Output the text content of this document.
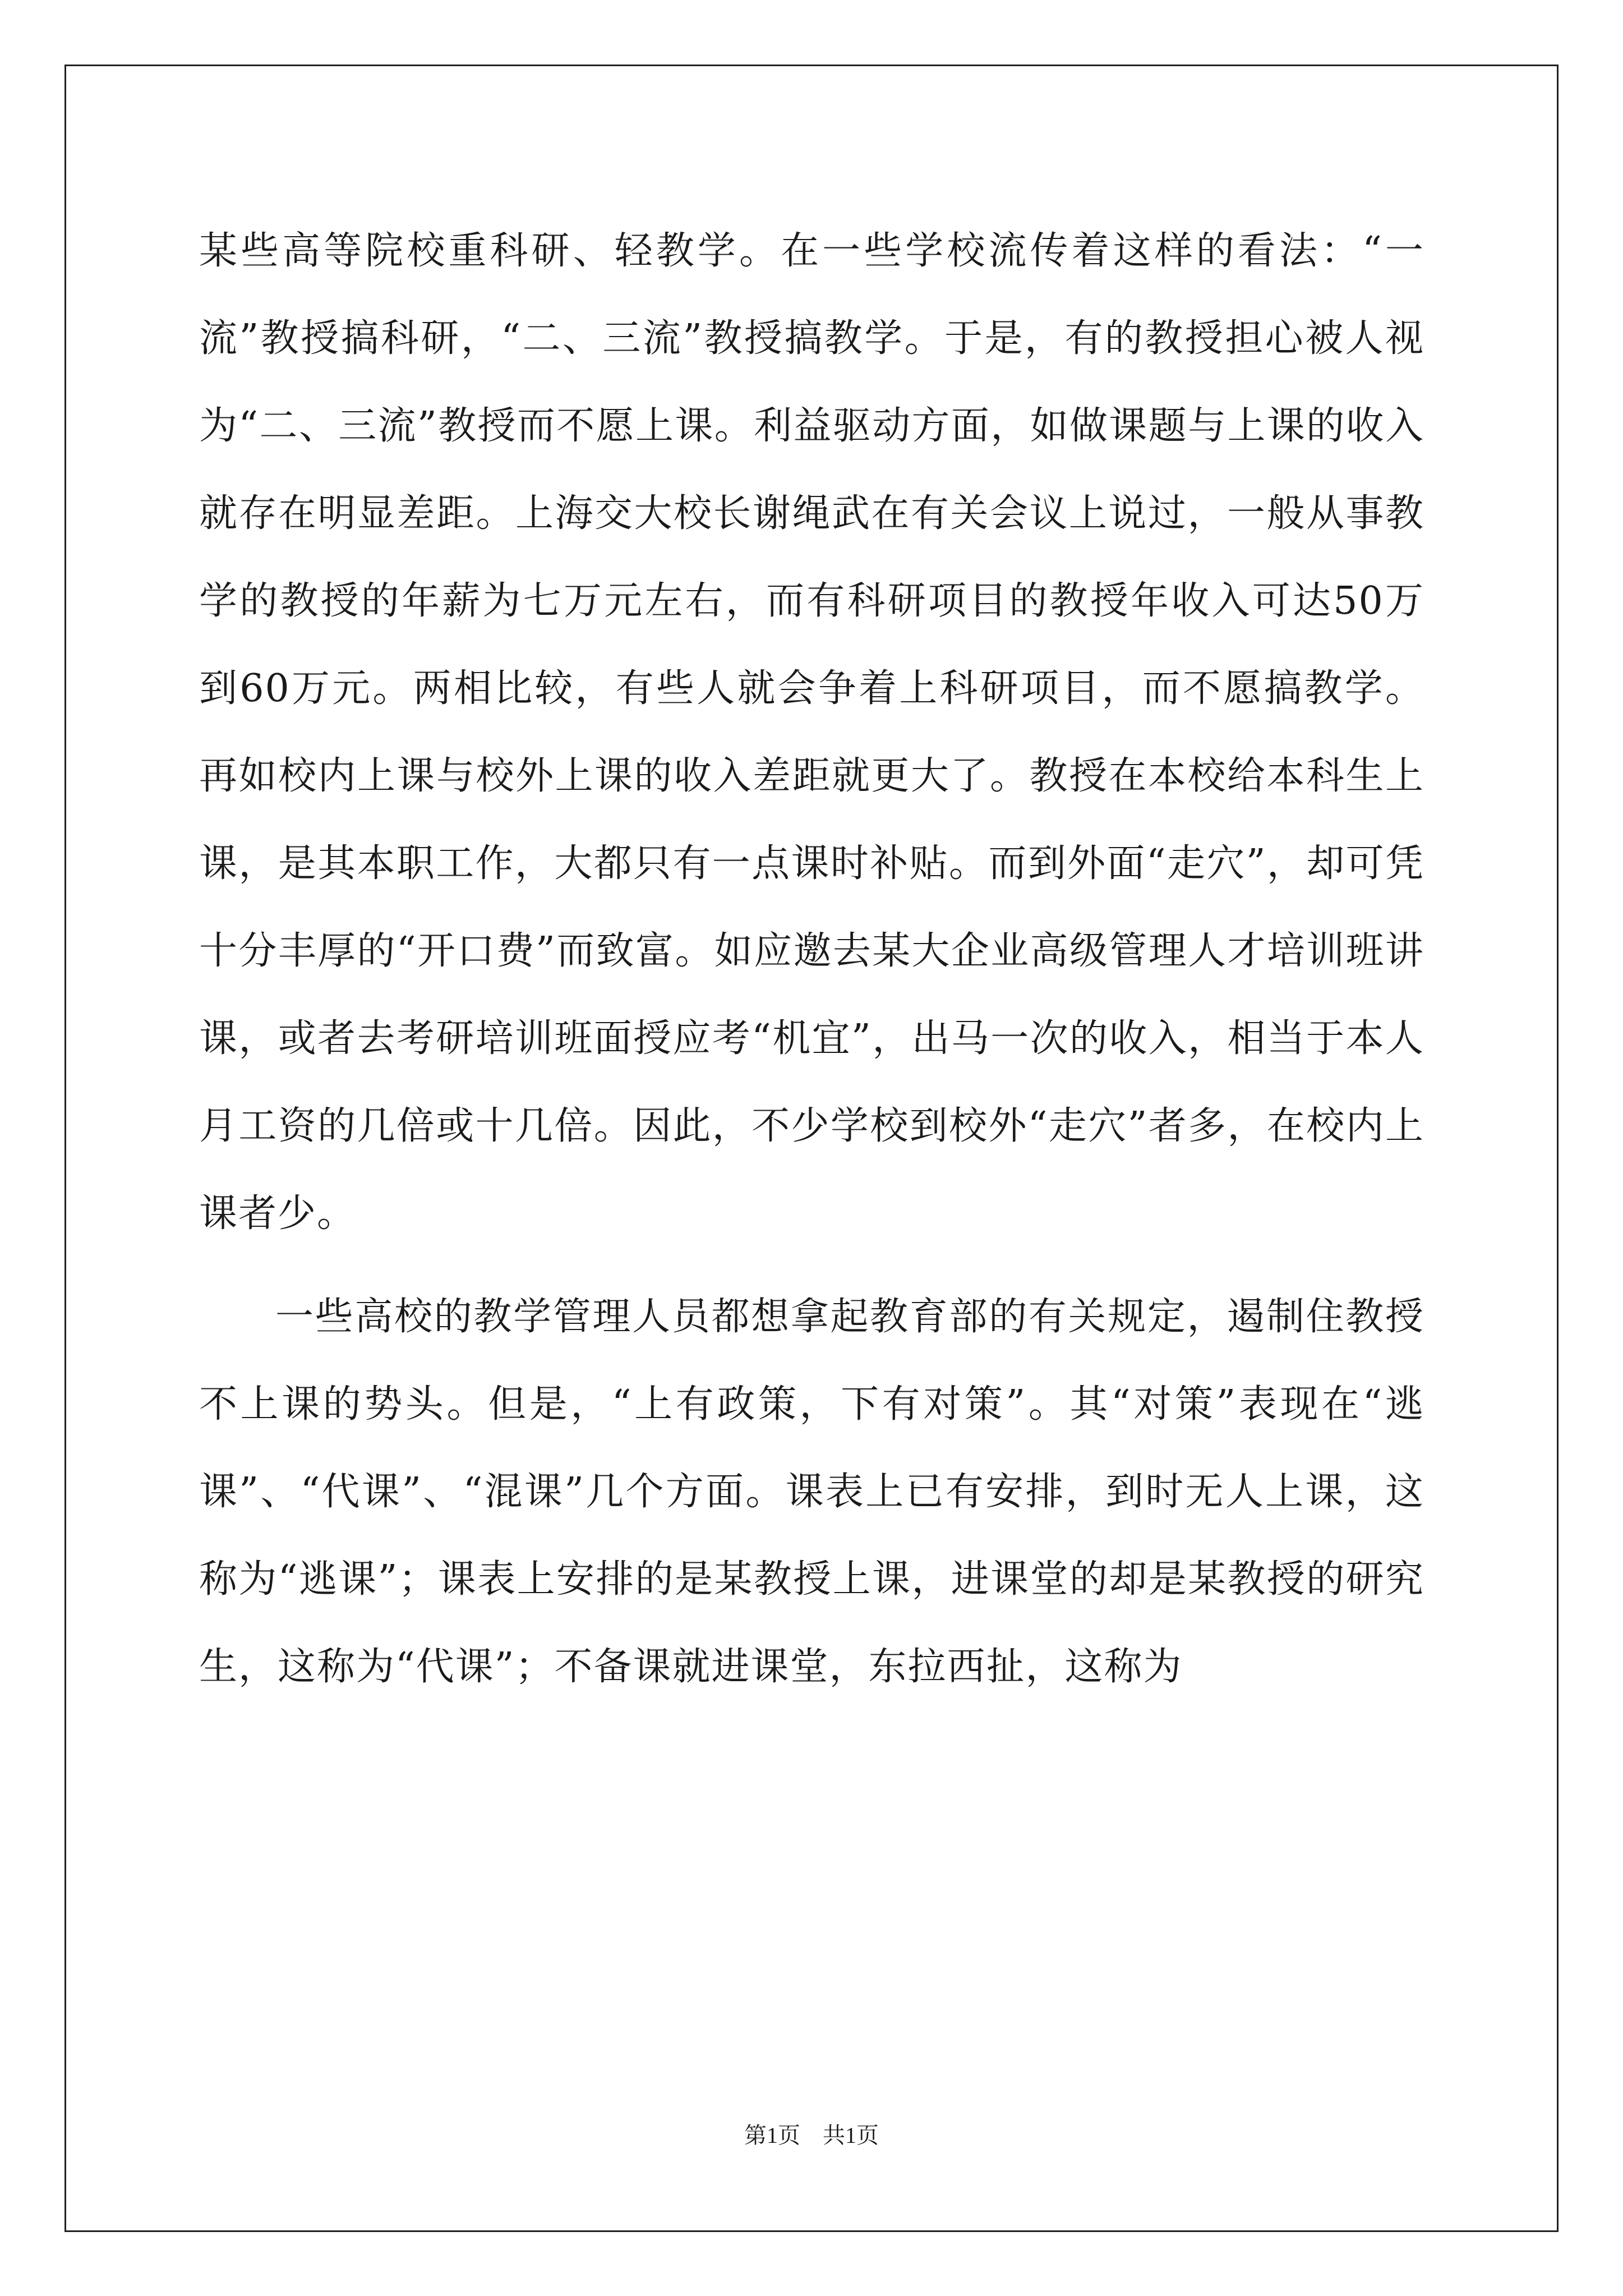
某些高等院校重科研、轻教学。在一些学校流传着这样的看法：“一流”教授搞科研，“二、三流”教授搞教学。于是，有的教授担心被人视为“二、三流”教授而不愿上课。利益驱动方面，如做课题与上课的收入就存在明显差距。上海交大校长谢绳武在有关会议上说过，一般从事教学的教授的年薪为七万元左右，而有科研项目的教授年收入可达50万到60万元。两相比较，有些人就会争着上科研项目，而不愿搞教学。再如校内上课与校外上课的收入差距就更大了。教授在本校给本科生上课，是其本职工作，大都只有一点课时补贴。而到外面“走穴”，却可凭十分丰厚的“开口费”而致富。如应邀去某大企业高级管理人才培训班讲课，或者去考研培训班面授应考“机宜”，出马一次的收入，相当于本人月工资的几倍或十几倍。因此，不少学校到校外“走穴”者多，在校内上课者少。

一些高校的教学管理人员都想拿起教育部的有关规定，遏制住教授不上课的势头。但是，“上有政策，下有对策”。其“对策”表现在“逃课”、“代课”、“混课”几个方面。课表上已有安排，到时无人上课，这称为“逃课”；课表上安排的是某教授上课，进课堂的却是某教授的研究生，这称为“代课”；不备课就进课堂，东拉西扯，这称为

第1页 共1页
